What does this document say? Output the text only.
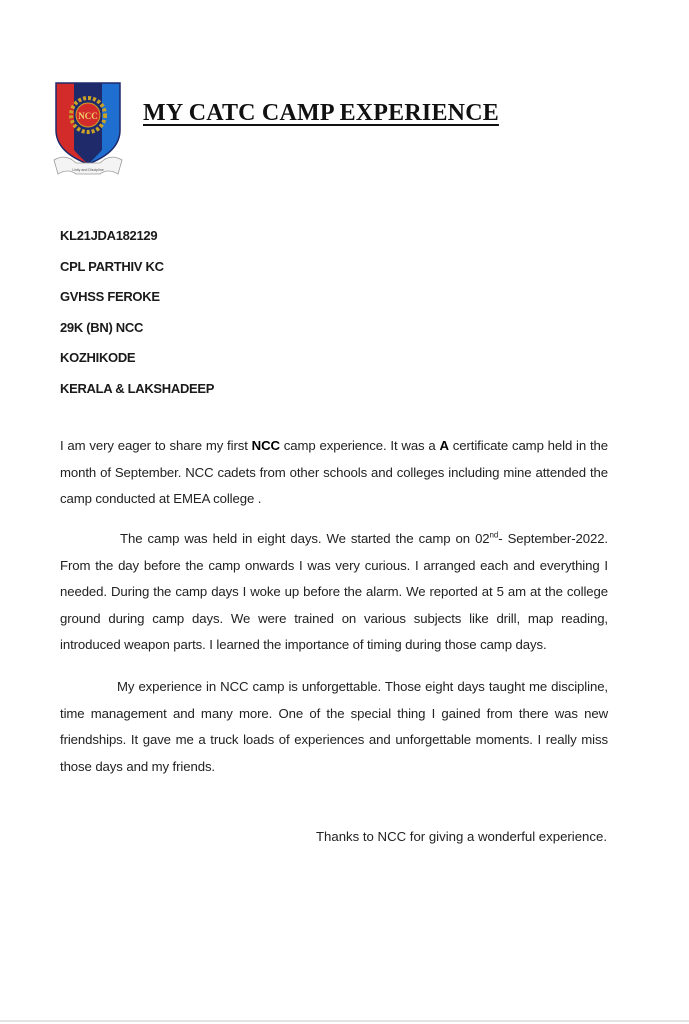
NCC
Unity and Discipline
MY CATC CAMP EXPERIENCE
KL21JDA182129
CPL PARTHIV KC
GVHSS FEROKE
29K (BN) NCC
KOZHIKODE
KERALA & LAKSHADEEP
I am very eager to share my first NCC camp experience. It was a A certificate camp held in the month of September. NCC cadets from other schools and colleges including mine attended the camp conducted at EMEA college .
The camp was held in eight days. We started the camp on 02nd- September-2022. From the day before the camp onwards I was very curious. I arranged each and everything I needed. During the camp days I woke up before the alarm. We reported at 5 am at the college ground during camp days. We were trained on various subjects like drill, map reading, introduced weapon parts. I learned the importance of timing during those camp days.
My experience in NCC camp is unforgettable. Those eight days taught me discipline, time management and many more. One of the special thing I gained from there was new friendships. It gave me a truck loads of experiences and unforgettable moments. I really miss those days and my friends.
Thanks to NCC for giving a wonderful experience.
